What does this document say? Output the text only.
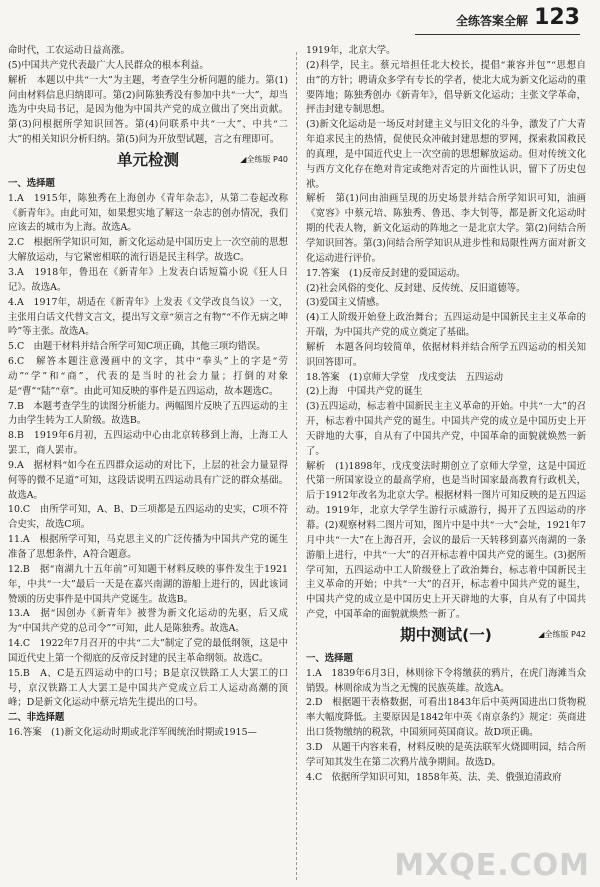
全练答案全解 123

命时代，工农运动日益高涨。

(5)中国共产党代表最广大人民群众的根本利益。

解析　本题以中共“一大”为主题，考查学生分析问题的能力。第(1)问由材料信息归纳即可。第(2)问陈独秀没有参加中共“一大”，却当选为中央局书记，是因为他为中国共产党的成立做出了突出贡献。第(3)问根据所学知识回答。第(4)问联系中共“一大”、中共“二大”的相关知识分析归纳。第(5)问为开放型试题，言之有理即可。

单元检测	◢全练版 P40

一、选择题

1.A　1915年，陈独秀在上海创办《青年杂志》，从第二卷起改称《新青年》。由此可知，如果想实地了解这一杂志的创办情况，我们应该去的城市为上海。故选A。

2.C　根据所学知识可知，新文化运动是中国历史上一次空前的思想大解放运动，与它紧密相联的流行语是民主科学。故选C。

3.A　1918年，鲁迅在《新青年》上发表白话短篇小说《狂人日记》。故选A。

4.A　1917年，胡适在《新青年》上发表《文学改良刍议》一文，主张用白话文代替文言文，提出写文章“须言之有物”“不作无病之呻吟”等主张。故选A。

5.C　由题干材料并结合所学可知C项正确，其他三项均错误。

6.C　解答本题注意漫画中的文字，其中“拳头”上的字是“劳动”“学”和“商”，代表的是当时的社会力量；打倒的对象是“曹”“陆”“章”。由此可知反映的事件是五四运动，故本题选C。

7.B　本题考查学生的读图分析能力。两幅图片反映了五四运动的主力由学生转为工人阶级。故选B。

8.B　1919年6月初，五四运动中心由北京转移到上海，上海工人罢工，商人罢市。

9.A　据材料“如今在五四群众运动的对比下，上层的社会力量显得何等的微不足道”可知，这段话说明五四运动具有广泛的群众基础。故选A。

10.C　由所学可知，A、B、D三项都是五四运动的史实，C项不符合史实，故选C项。

11.A　根据所学可知，马克思主义的广泛传播为中国共产党的诞生准备了思想条件，A符合题意。

12.B　据“南湖九十五年前”可知题干材料反映的事件发生于1921年，中共“一大”最后一天是在嘉兴南湖的游船上进行的，因此该词赞颂的历史事件是中国共产党诞生。故选B。

13.A　据“因创办《新青年》被誉为新文化运动的先驱，后又成为“中国共产党的总司令””可知，此人是陈独秀。故选A。

14.C　1922年7月召开的中共“二大”制定了党的最低纲领，这是中国近代史上第一个彻底的反帝反封建的民主革命纲领。故选C。

15.B　A、C是五四运动中的口号；B是京汉铁路工人大罢工的口号，京汉铁路工人大罢工是中国共产党成立后工人运动高潮的顶峰；D是新文化运动中蔡元培先生提出的口号。

二、非选择题

16.答案　(1)新文化运动时期或北洋军阀统治时期或1915—

1919年，北京大学。

(2)科学，民主。蔡元培担任北大校长，提倡“兼容并包”“思想自由”的方针；聘请众多学有专长的学者，使北大成为新文化运动的重要阵地；陈独秀创办《新青年》，倡导新文化运动；主张文学革命，抨击封建专制思想。

(3)新文化运动是一场反对封建主义与旧文化的斗争，激发了广大青年追求民主的热情，促使民众冲破封建思想的罗网，探索救国救民的真理，是中国近代史上一次空前的思想解放运动。但对传统文化与西方文化存在绝对肯定或绝对否定的片面性认识，留下了历史包袱。

解析　第(1)问由油画呈现的历史场景并结合所学知识可知，油画《宽容》中蔡元培、陈独秀、鲁迅、李大钊等，都是新文化运动时期的代表人物，新文化运动的阵地之一是北京大学。第(2)问结合所学知识回答。第(3)问结合所学知识从进步性和局限性两方面对新文化运动进行评价。

17.答案　(1)反帝反封建的爱国运动。

(2)社会风俗的变化、反封建、反传统、反旧道德等。

(3)爱国主义情感。

(4)工人阶级开始登上政治舞台；五四运动是中国新民主主义革命的开端，为中国共产党的成立奠定了基础。

解析　本题各问均较简单，依据材料并结合所学五四运动的相关知识回答即可。

18.答案　(1)京师大学堂　戊戌变法　五四运动

(2)上海　中国共产党的诞生

(3)五四运动，标志着中国新民主主义革命的开始。中共“一大”的召开，标志着中国共产党的诞生。中国共产党的成立是中国历史上开天辟地的大事，自从有了中国共产党，中国革命的面貌就焕然一新了。

解析　(1)1898年，戊戌变法时期创立了京师大学堂，这是中国近代第一所国家设立的最高学府，也是当时国家最高教育行政机关，后于1912年改名为北京大学。根据材料一图片可知反映的是五四运动。1919年，北京大学学生游行示威游行，揭开了五四运动的序幕。(2)观察材料二图片可知，图片中是中共“一大”会址，1921年7月中共“一大”在上海召开，会议的最后一天转移到嘉兴南湖的一条游船上进行，中共“一大”的召开标志着中国共产党的诞生。(3)据所学可知，五四运动中工人阶级登上了政治舞台，标志着中国新民主主义革命的开始；中共“一大”的召开，标志着中国共产党的诞生，中国共产党的成立是中国历史上开天辟地的大事，自从有了中国共产党，中国革命的面貌就焕然一新了。

期中测试(一)	◢全练版 P42

一、选择题

1.A　1839年6月3日，林则徐下令将缴获的鸦片，在虎门海滩当众销毁。林则徐成为当之无愧的民族英雄。故选A。

2.D　根据题干表格数据，可看出1843年后中英两国进出口货物税率大幅度降低。主要原因是1842年中英《南京条约》规定：英商进出口货物缴纳的税款，中国须同英国商议。故D项正确。

3.D　从题干内容来看，材料反映的是英法联军火烧圆明园，结合所学可知其发生在第二次鸦片战争期间。故选D。

4.C　依据所学知识可知，1858年英、法、美、俄强迫清政府

MXQE.COM
